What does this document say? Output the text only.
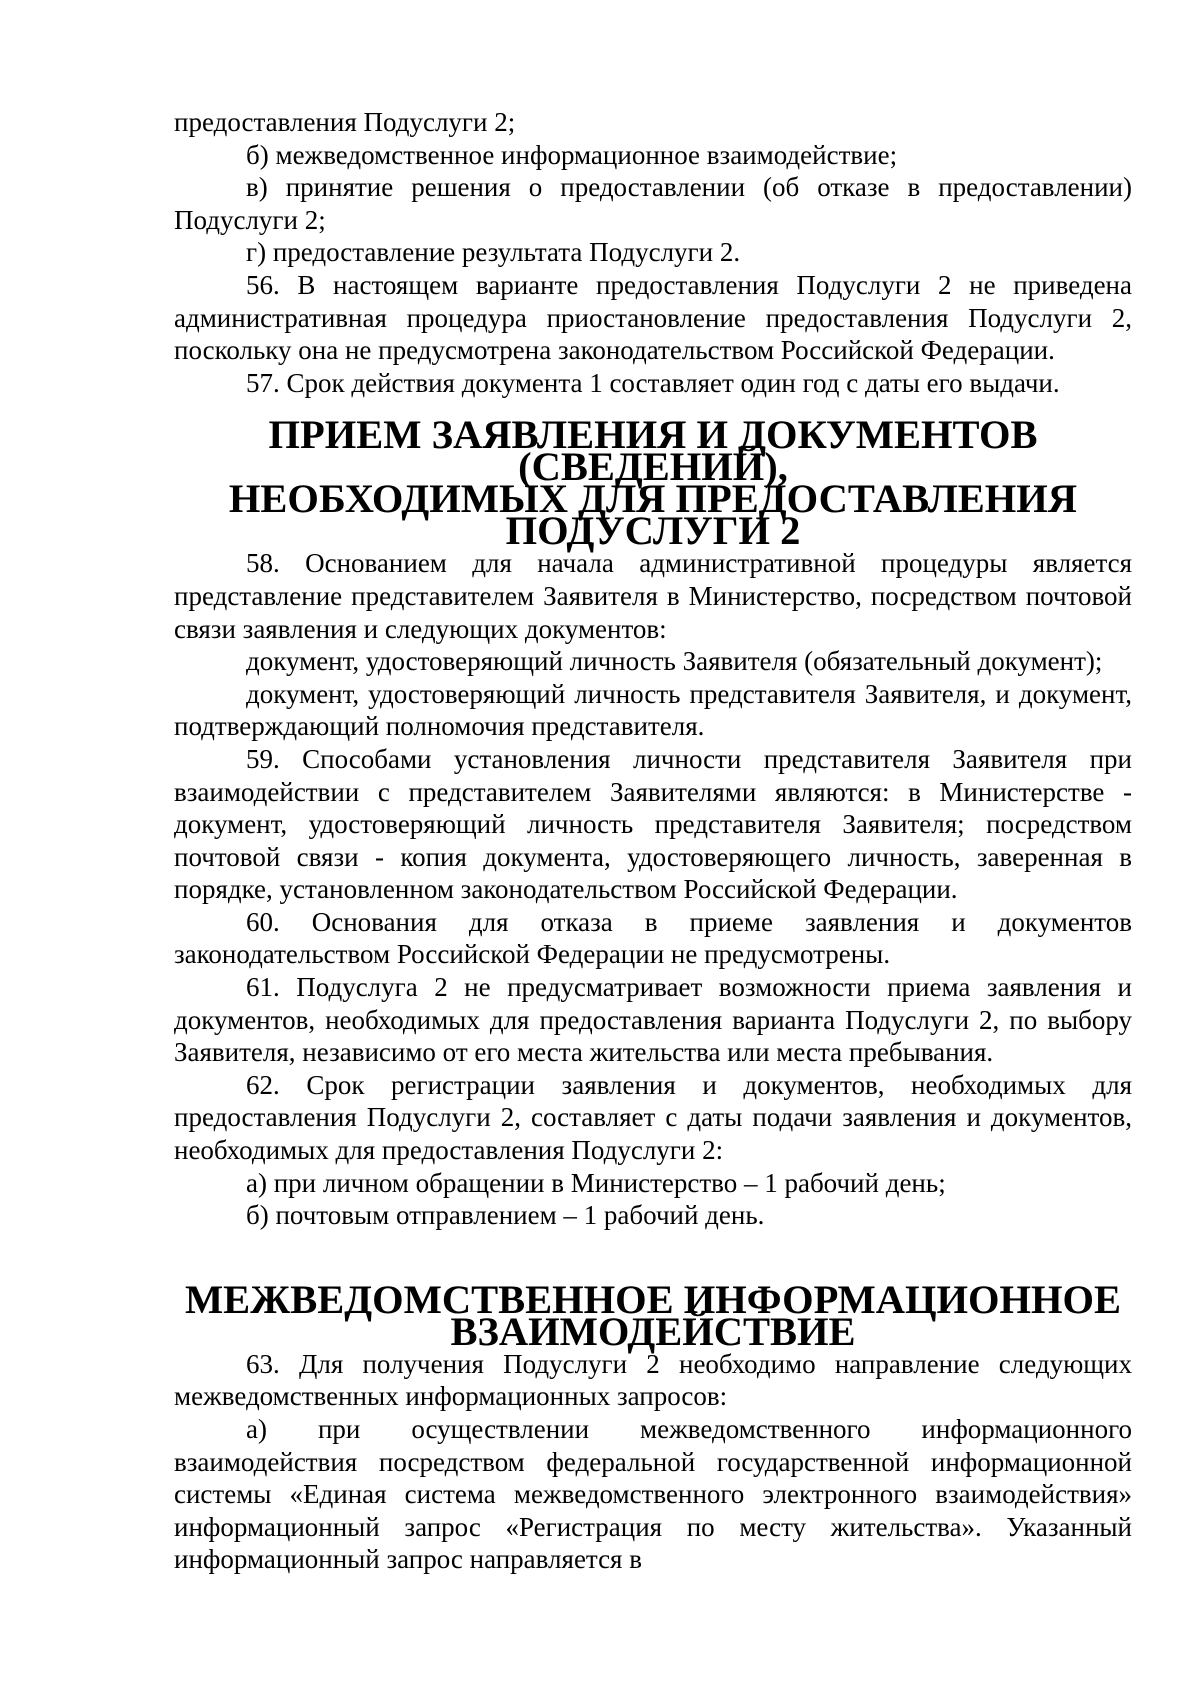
предоставления Подуслуги 2;

б) межведомственное информационное взаимодействие;

в) принятие решения о предоставлении (об отказе в предоставлении) Подуслуги 2;

г) предоставление результата Подуслуги 2.

56. В настоящем варианте предоставления Подуслуги 2 не приведена административная процедура приостановление предоставления Подуслуги 2, поскольку она не предусмотрена законодательством Российской Федерации.

57. Срок действия документа 1 составляет один год с даты его выдачи.

ПРИЕМ ЗАЯВЛЕНИЯ И ДОКУМЕНТОВ (СВЕДЕНИЙ),
НЕОБХОДИМЫХ ДЛЯ ПРЕДОСТАВЛЕНИЯ ПОДУСЛУГИ 2

58. Основанием для начала административной процедуры является представление представителем Заявителя в Министерство, посредством почтовой связи заявления и следующих документов:

документ, удостоверяющий личность Заявителя (обязательный документ);

документ, удостоверяющий личность представителя Заявителя, и документ, подтверждающий полномочия представителя.

59. Способами установления личности представителя Заявителя при взаимодействии с представителем Заявителями являются: в Министерстве - документ, удостоверяющий личность представителя Заявителя; посредством почтовой связи - копия документа, удостоверяющего личность, заверенная в порядке, установленном законодательством Российской Федерации.

60. Основания для отказа в приеме заявления и документов законодательством Российской Федерации не предусмотрены.

61. Подуслуга 2 не предусматривает возможности приема заявления и документов, необходимых для предоставления варианта Подуслуги 2, по выбору Заявителя, независимо от его места жительства или места пребывания.

62. Срок регистрации заявления и документов, необходимых для предоставления Подуслуги 2, составляет с даты подачи заявления и документов, необходимых для предоставления Подуслуги 2:

а) при личном обращении в Министерство – 1 рабочий день;

б) почтовым отправлением – 1 рабочий день.

МЕЖВЕДОМСТВЕННОЕ ИНФОРМАЦИОННОЕ
ВЗАИМОДЕЙСТВИЕ

63. Для получения Подуслуги 2 необходимо направление следующих межведомственных информационных запросов:

а) при осуществлении межведомственного информационного взаимодействия посредством федеральной государственной информационной системы «Единая система межведомственного электронного взаимодействия» информационный запрос «Регистрация по месту жительства». Указанный информационный запрос направляется в
